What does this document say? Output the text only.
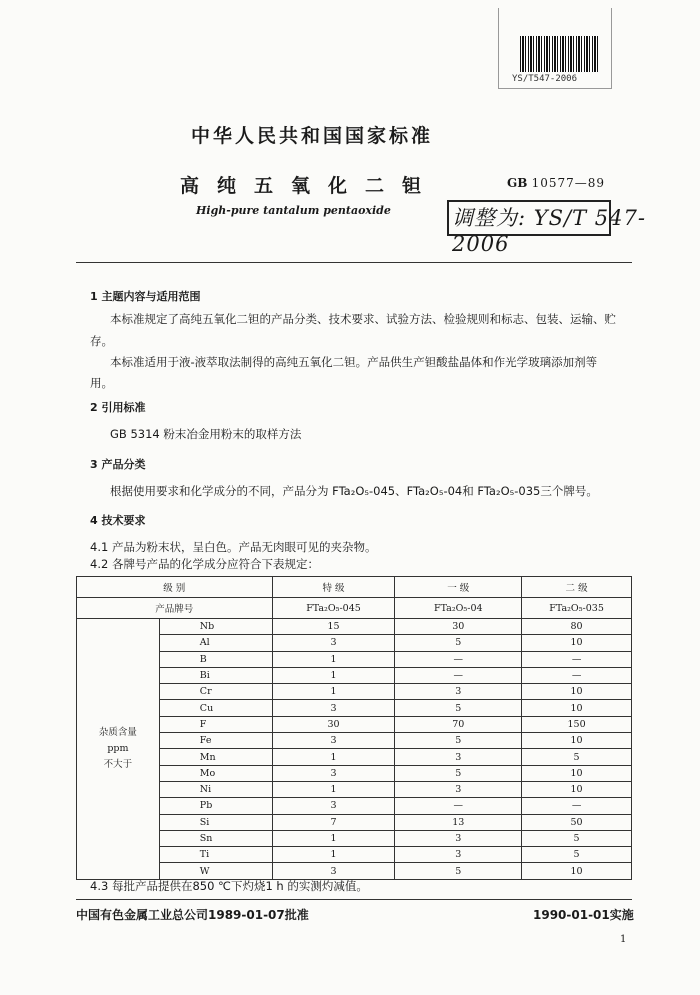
YS/T547-2006
中华人民共和国国家标准
高纯五氧化二钽
High-pure tantalum pentaoxide
GB 10577—89
调整为: YS/T 547-2006
1 主题内容与适用范围
本标准规定了高纯五氧化二钽的产品分类、技术要求、试验方法、检验规则和标志、包装、运输、贮
存。
本标准适用于液-液萃取法制得的高纯五氧化二钽。产品供生产钽酸盐晶体和作光学玻璃添加剂等
用。
2 引用标准
GB 5314 粉末冶金用粉末的取样方法
3 产品分类
根据使用要求和化学成分的不同，产品分为 FTa₂O₅-045、FTa₂O₅-04和 FTa₂O₅-035三个牌号。
4 技术要求
4.1 产品为粉末状，呈白色。产品无肉眼可见的夹杂物。
4.2 各牌号产品的化学成分应符合下表规定：
级 别		特 级	一 级	二 级
产品牌号		FTa₂O₅-045	FTa₂O₅-04	FTa₂O₅-035

杂质含量
ppm
不大于	Nb	15	30	80
	Al	3	5	10
	B	1	—	—
	Bi	1	—	—
	Cr	1	3	10
	Cu	3	5	10
	F	30	70	150
	Fe	3	5	10
	Mn	1	3	5
	Mo	3	5	10
	Ni	1	3	10
	Pb	3	—	—
	Si	7	13	50
	Sn	1	3	5
	Ti	1	3	5
	W	3	5	10
4.3 每批产品提供在850 ℃下灼烧1 h 的实测灼减值。
中国有色金属工业总公司1989-01-07批准	1990-01-01实施
1
